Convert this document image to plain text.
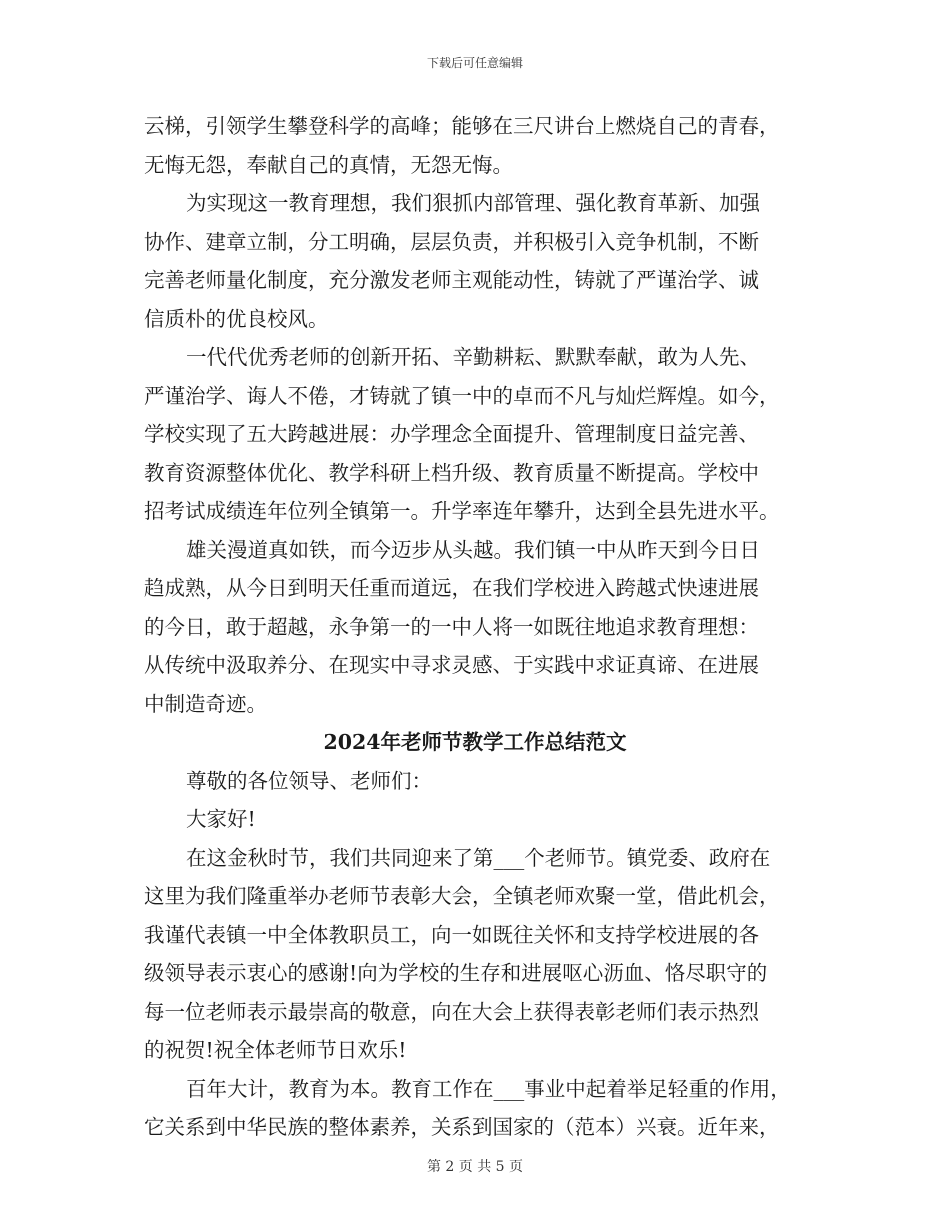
下载后可任意编辑
云梯，引领学生攀登科学的高峰；能够在三尺讲台上燃烧自己的青春，
无悔无怨，奉献自己的真情，无怨无悔。
为实现这一教育理想，我们狠抓内部管理、强化教育革新、加强
协作、建章立制，分工明确，层层负责，并积极引入竞争机制，不断
完善老师量化制度，充分激发老师主观能动性，铸就了严谨治学、诚
信质朴的优良校风。
一代代优秀老师的创新开拓、辛勤耕耘、默默奉献，敢为人先、
严谨治学、诲人不倦，才铸就了镇一中的卓而不凡与灿烂辉煌。如今，
学校实现了五大跨越进展：办学理念全面提升、管理制度日益完善、
教育资源整体优化、教学科研上档升级、教育质量不断提高。学校中
招考试成绩连年位列全镇第一。升学率连年攀升，达到全县先进水平。
雄关漫道真如铁，而今迈步从头越。我们镇一中从昨天到今日日
趋成熟，从今日到明天任重而道远，在我们学校进入跨越式快速进展
的今日，敢于超越，永争第一的一中人将一如既往地追求教育理想：
从传统中汲取养分、在现实中寻求灵感、于实践中求证真谛、在进展
中制造奇迹。
2024年老师节教学工作总结范文
尊敬的各位领导、老师们：
大家好!
在这金秋时节，我们共同迎来了第___个老师节。镇党委、政府在
这里为我们隆重举办老师节表彰大会，全镇老师欢聚一堂，借此机会，
我谨代表镇一中全体教职员工，向一如既往关怀和支持学校进展的各
级领导表示衷心的感谢!向为学校的生存和进展呕心沥血、恪尽职守的
每一位老师表示最崇高的敬意，向在大会上获得表彰老师们表示热烈
的祝贺!祝全体老师节日欢乐!
百年大计，教育为本。教育工作在___事业中起着举足轻重的作用，
它关系到中华民族的整体素养，关系到国家的（范本）兴衰。近年来，
第 2 页 共 5 页
